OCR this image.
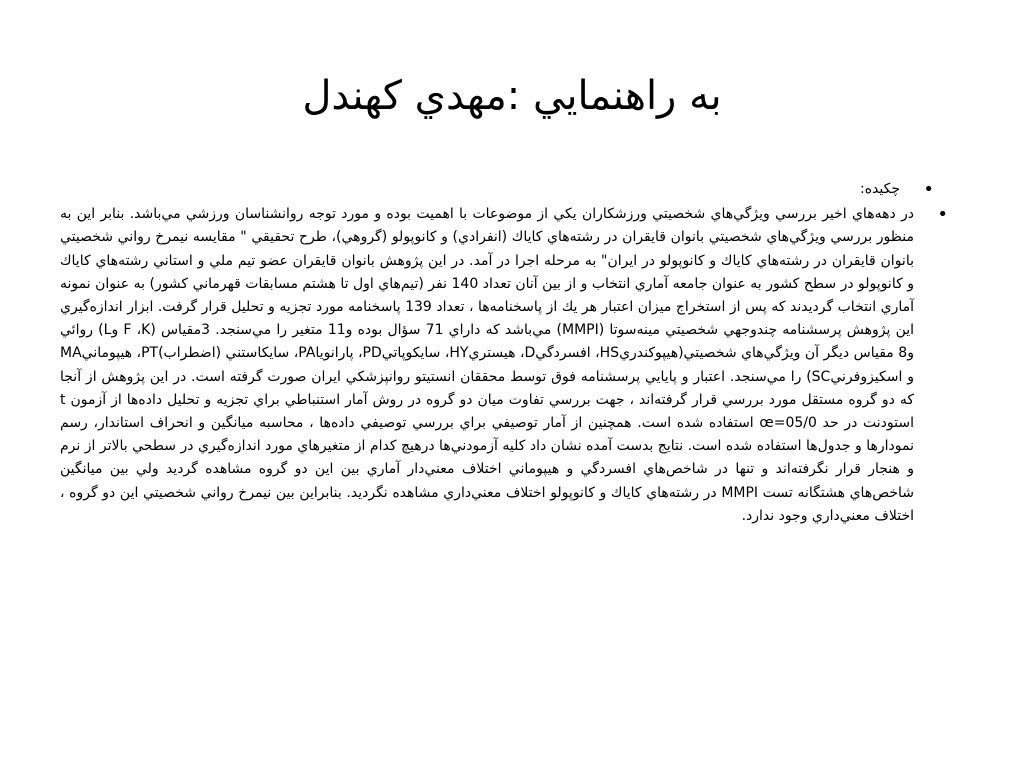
به راهنمايي :مهدي كهندل

•
چكيده:

•
در دهه‌هاي اخير بررسي ويژگي‌هاي شخصيتي ورزشكاران يكي از موضوعات با اهميت بوده و مورد توجه روانشناسان ورزشي مي‌باشد. بنابر اين به منظور بررسي ويژگي‌هاي شخصيتي بانوان قايقران در رشته‌هاي كاياك (انفرادي) و كانوپولو (گروهي)، طرح تحقيقي " مقايسه نيمرخ رواني شخصيتي بانوان قايقران در رشته‌هاي كاياك و كانوپولو در ايران" به مرحله اجرا در آمد. در اين پژوهش بانوان قايقران عضو تيم ملي و استاني رشته‌هاي كاياك و كانوپولو در سطح كشور به عنوان جامعه آماري انتخاب و از بين آنان تعداد 140 نفر (تيم‌هاي اول تا هشتم مسابقات قهرماني كشور) به عنوان نمونه آماري انتخاب گرديدند كه پس از استخراج ميزان اعتبار هر يك از پاسخنامه‌ها ، تعداد 139 پاسخنامه مورد تجزيه و تحليل قرار گرفت. ابزار اندازه‌گيري اين پژوهش پرسشنامه چندوجهي شخصيتي مينه‌سوتا (MMPI) مي‌باشد كه داراي 71 سؤال بوده و11 متغير را مي‌سنجد. 3مقياس (F ،K وL) روائي و8 مقياس ديگر آن ويژگي‌هاي شخصيتي(هيپوكندريHS، افسردگيD، هيستريHY، سايكوپاتيPD، پارانوياPA، سايكاستني (اضطراب)PT، هيپومانيMA و اسكيزوفرنيSC) را مي‌سنجد. اعتبار و پايايي پرسشنامه فوق توسط محققان انستيتو روانپزشكي ايران صورت گرفته است. در اين پژوهش از آنجا كه دو گروه مستقل مورد بررسي قرار گرفته‌اند ، جهت بررسي تفاوت ميان دو گروه در روش آمار استنباطي براي تجزيه و تحليل داده‌ها از آزمون t استودنت در حد œ=05/0 استفاده شده است. همچنين از آمار توصيفي براي بررسي توصيفي داده‌ها ، محاسبه ميانگين و انحراف استاندار، رسم نمودارها و جدول‌ها استفاده شده است. نتايج بدست آمده نشان داد كليه آزمودني‌ها درهيچ كدام از متغيرهاي مورد اندازه‌گيري در سطحي بالاتر از نرم و هنجار قرار نگرفته‌اند و تنها در شاخص‌هاي افسردگي و هيپوماني اختلاف معني‌دار آماري بين اين دو گروه مشاهده گرديد ولي بين ميانگين شاخص‌هاي هشتگانه تست MMPI در رشته‌هاي كاياك و كانوپولو اختلاف معني‌داري مشاهده نگرديد. بنابراين بين نيمرخ رواني شخصيتي اين دو گروه ، اختلاف معني‌داري وجود ندارد.
